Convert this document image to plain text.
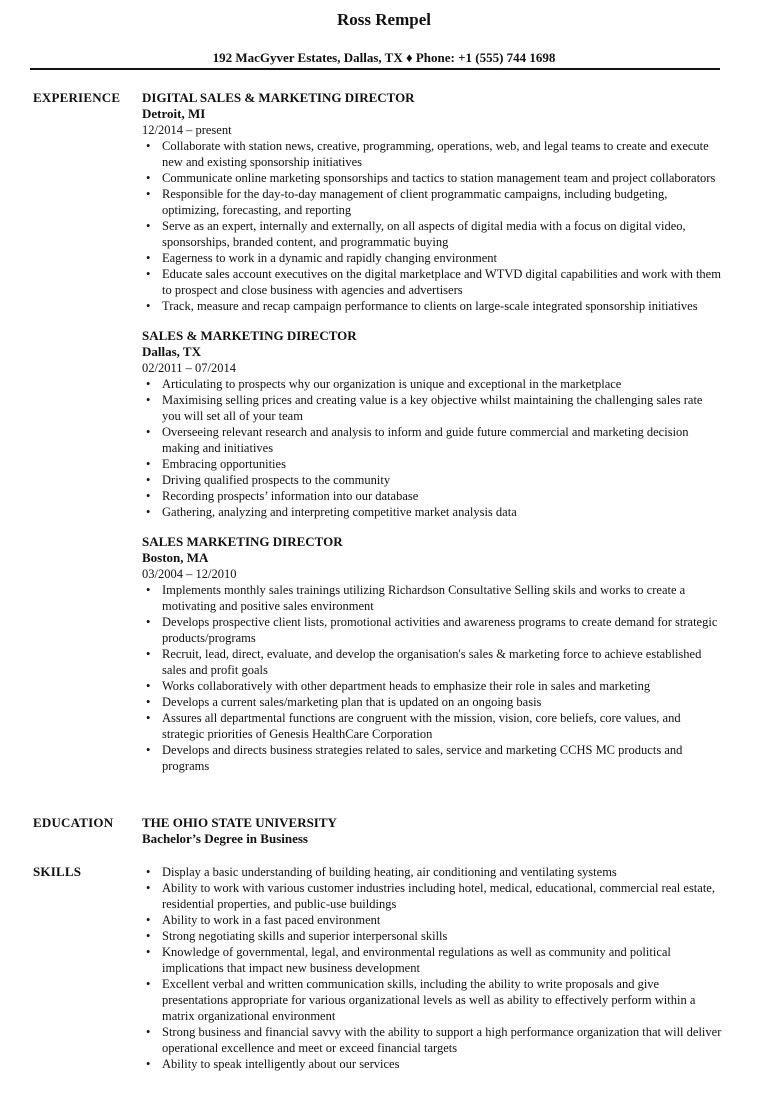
Ross Rempel
192 MacGyver Estates, Dallas, TX ♦ Phone: +1 (555) 744 1698
EXPERIENCE DIGITAL SALES & MARKETING DIRECTOR
Detroit, MI
12/2014 – present
• Collaborate with station news, creative, programming, operations, web, and legal teams to create and execute new and existing sponsorship initiatives
• Communicate online marketing sponsorships and tactics to station management team and project collaborators
• Responsible for the day-to-day management of client programmatic campaigns, including budgeting, optimizing, forecasting, and reporting
• Serve as an expert, internally and externally, on all aspects of digital media with a focus on digital video, sponsorships, branded content, and programmatic buying
• Eagerness to work in a dynamic and rapidly changing environment
• Educate sales account executives on the digital marketplace and WTVD digital capabilities and work with them to prospect and close business with agencies and advertisers
• Track, measure and recap campaign performance to clients on large-scale integrated sponsorship initiatives
SALES & MARKETING DIRECTOR
Dallas, TX
02/2011 – 07/2014
• Articulating to prospects why our organization is unique and exceptional in the marketplace
• Maximising selling prices and creating value is a key objective whilst maintaining the challenging sales rate you will set all of your team
• Overseeing relevant research and analysis to inform and guide future commercial and marketing decision making and initiatives
• Embracing opportunities
• Driving qualified prospects to the community
• Recording prospects’ information into our database
• Gathering, analyzing and interpreting competitive market analysis data
SALES MARKETING DIRECTOR
Boston, MA
03/2004 – 12/2010
• Implements monthly sales trainings utilizing Richardson Consultative Selling skils and works to create a motivating and positive sales environment
• Develops prospective client lists, promotional activities and awareness programs to create demand for strategic products/programs
• Recruit, lead, direct, evaluate, and develop the organisation's sales & marketing force to achieve established sales and profit goals
• Works collaboratively with other department heads to emphasize their role in sales and marketing
• Develops a current sales/marketing plan that is updated on an ongoing basis
• Assures all departmental functions are congruent with the mission, vision, core beliefs, core values, and strategic priorities of Genesis HealthCare Corporation
• Develops and directs business strategies related to sales, service and marketing CCHS MC products and programs
EDUCATION THE OHIO STATE UNIVERSITY
Bachelor’s Degree in Business
SKILLS
•	Display a basic understanding of building heating, air conditioning and ventilating systems
• Ability to work with various customer industries including hotel, medical, educational, commercial real estate, residential properties, and public-use buildings
• Ability to work in a fast paced environment
• Strong negotiating skills and superior interpersonal skills
• Knowledge of governmental, legal, and environmental regulations as well as community and political implications that impact new business development
• Excellent verbal and written communication skills, including the ability to write proposals and give presentations appropriate for various organizational levels as well as ability to effectively perform within a matrix organizational environment
• Strong business and financial savvy with the ability to support a high performance organization that will deliver operational excellence and meet or exceed financial targets
• Ability to speak intelligently about our services
